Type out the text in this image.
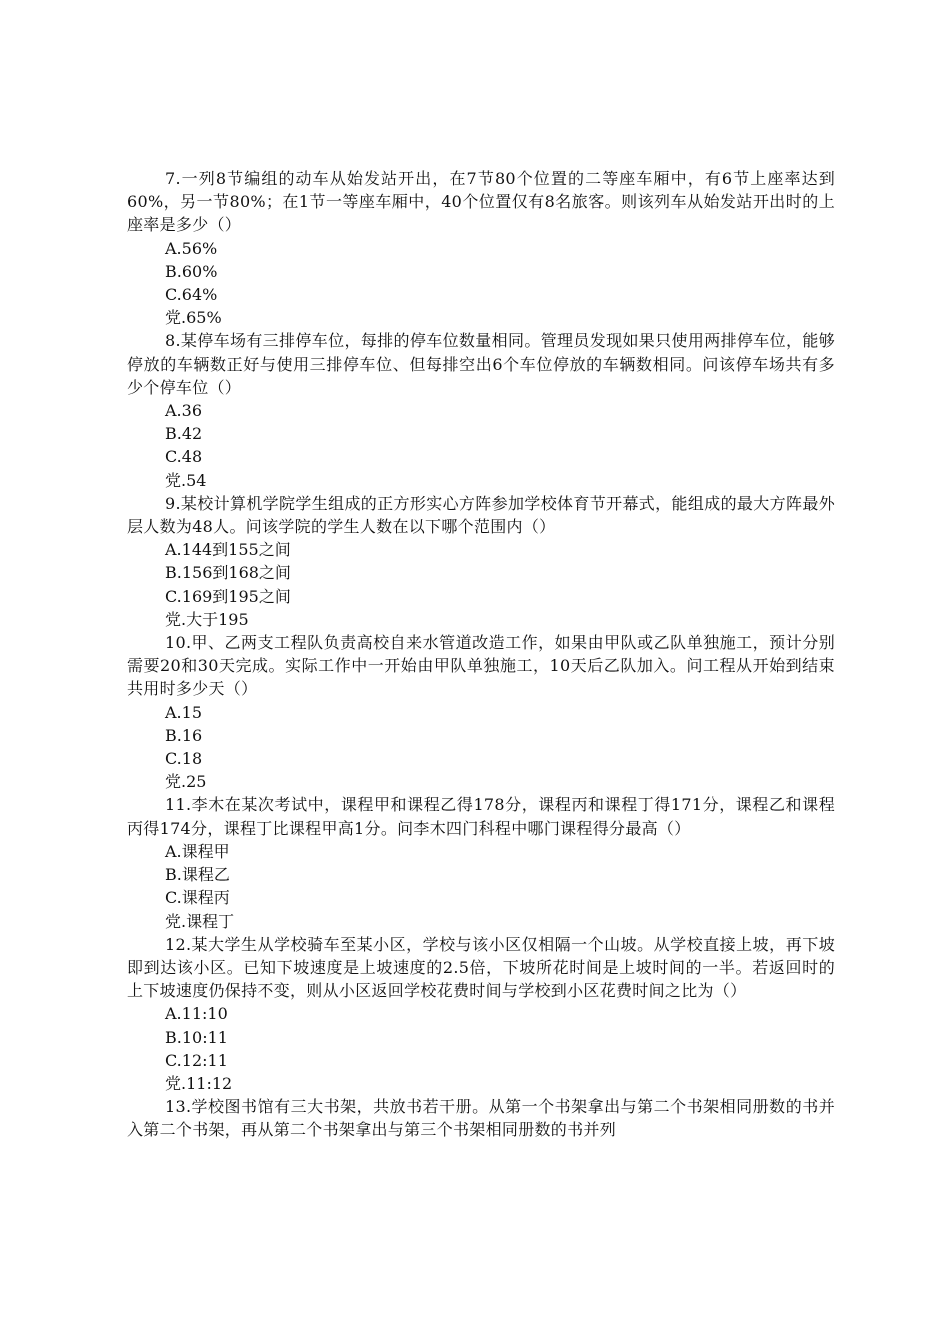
7.一列8节编组的动车从始发站开出，在7节80个位置的二等座车厢中，有6节上座率达到60%，另一节80%；在1节一等座车厢中，40个位置仅有8名旅客。则该列车从始发站开出时的上座率是多少（）

A.56%

B.60%

C.64%

党.65%

8.某停车场有三排停车位，每排的停车位数量相同。管理员发现如果只使用两排停车位，能够停放的车辆数正好与使用三排停车位、但每排空出6个车位停放的车辆数相同。问该停车场共有多少个停车位（）

A.36

B.42

C.48

党.54

9.某校计算机学院学生组成的正方形实心方阵参加学校体育节开幕式，能组成的最大方阵最外层人数为48人。问该学院的学生人数在以下哪个范围内（）

A.144到155之间

B.156到168之间

C.169到195之间

党.大于195

10.甲、乙两支工程队负责高校自来水管道改造工作，如果由甲队或乙队单独施工，预计分别需要20和30天完成。实际工作中一开始由甲队单独施工，10天后乙队加入。问工程从开始到结束共用时多少天（）

A.15

B.16

C.18

党.25

11.李木在某次考试中，课程甲和课程乙得178分，课程丙和课程丁得171分，课程乙和课程丙得174分，课程丁比课程甲高1分。问李木四门科程中哪门课程得分最高（）

A.课程甲

B.课程乙

C.课程丙

党.课程丁

12.某大学生从学校骑车至某小区，学校与该小区仅相隔一个山坡。从学校直接上坡，再下坡即到达该小区。已知下坡速度是上坡速度的2.5倍，下坡所花时间是上坡时间的一半。若返回时的上下坡速度仍保持不变，则从小区返回学校花费时间与学校到小区花费时间之比为（）

A.11:10

B.10:11

C.12:11

党.11:12

13.学校图书馆有三大书架，共放书若干册。从第一个书架拿出与第二个书架相同册数的书并入第二个书架，再从第二个书架拿出与第三个书架相同册数的书并列
